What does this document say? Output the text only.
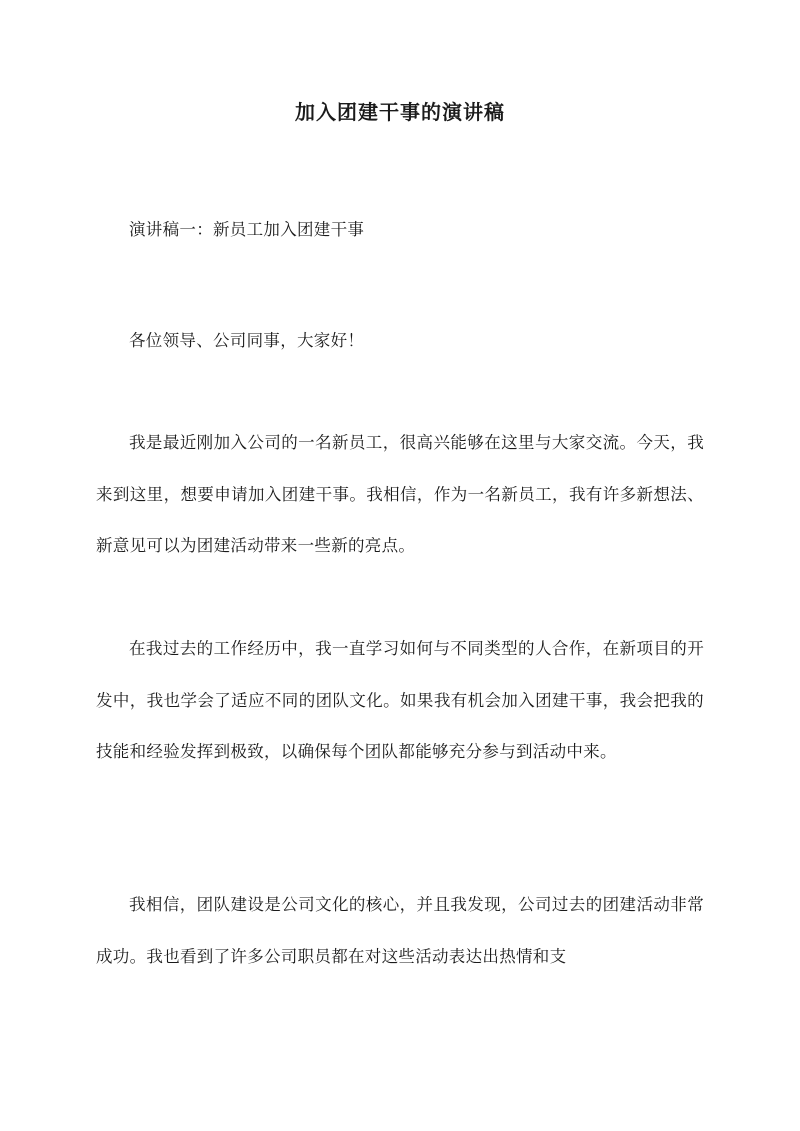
加入团建干事的演讲稿

演讲稿一：新员工加入团建干事

各位领导、公司同事，大家好！

我是最近刚加入公司的一名新员工，很高兴能够在这里与大家交流。今天，我来到这里，想要申请加入团建干事。我相信，作为一名新员工，我有许多新想法、新意见可以为团建活动带来一些新的亮点。

在我过去的工作经历中，我一直学习如何与不同类型的人合作，在新项目的开发中，我也学会了适应不同的团队文化。如果我有机会加入团建干事，我会把我的技能和经验发挥到极致，以确保每个团队都能够充分参与到活动中来。

我相信，团队建设是公司文化的核心，并且我发现，公司过去的团建活动非常成功。我也看到了许多公司职员都在对这些活动表达出热情和支
